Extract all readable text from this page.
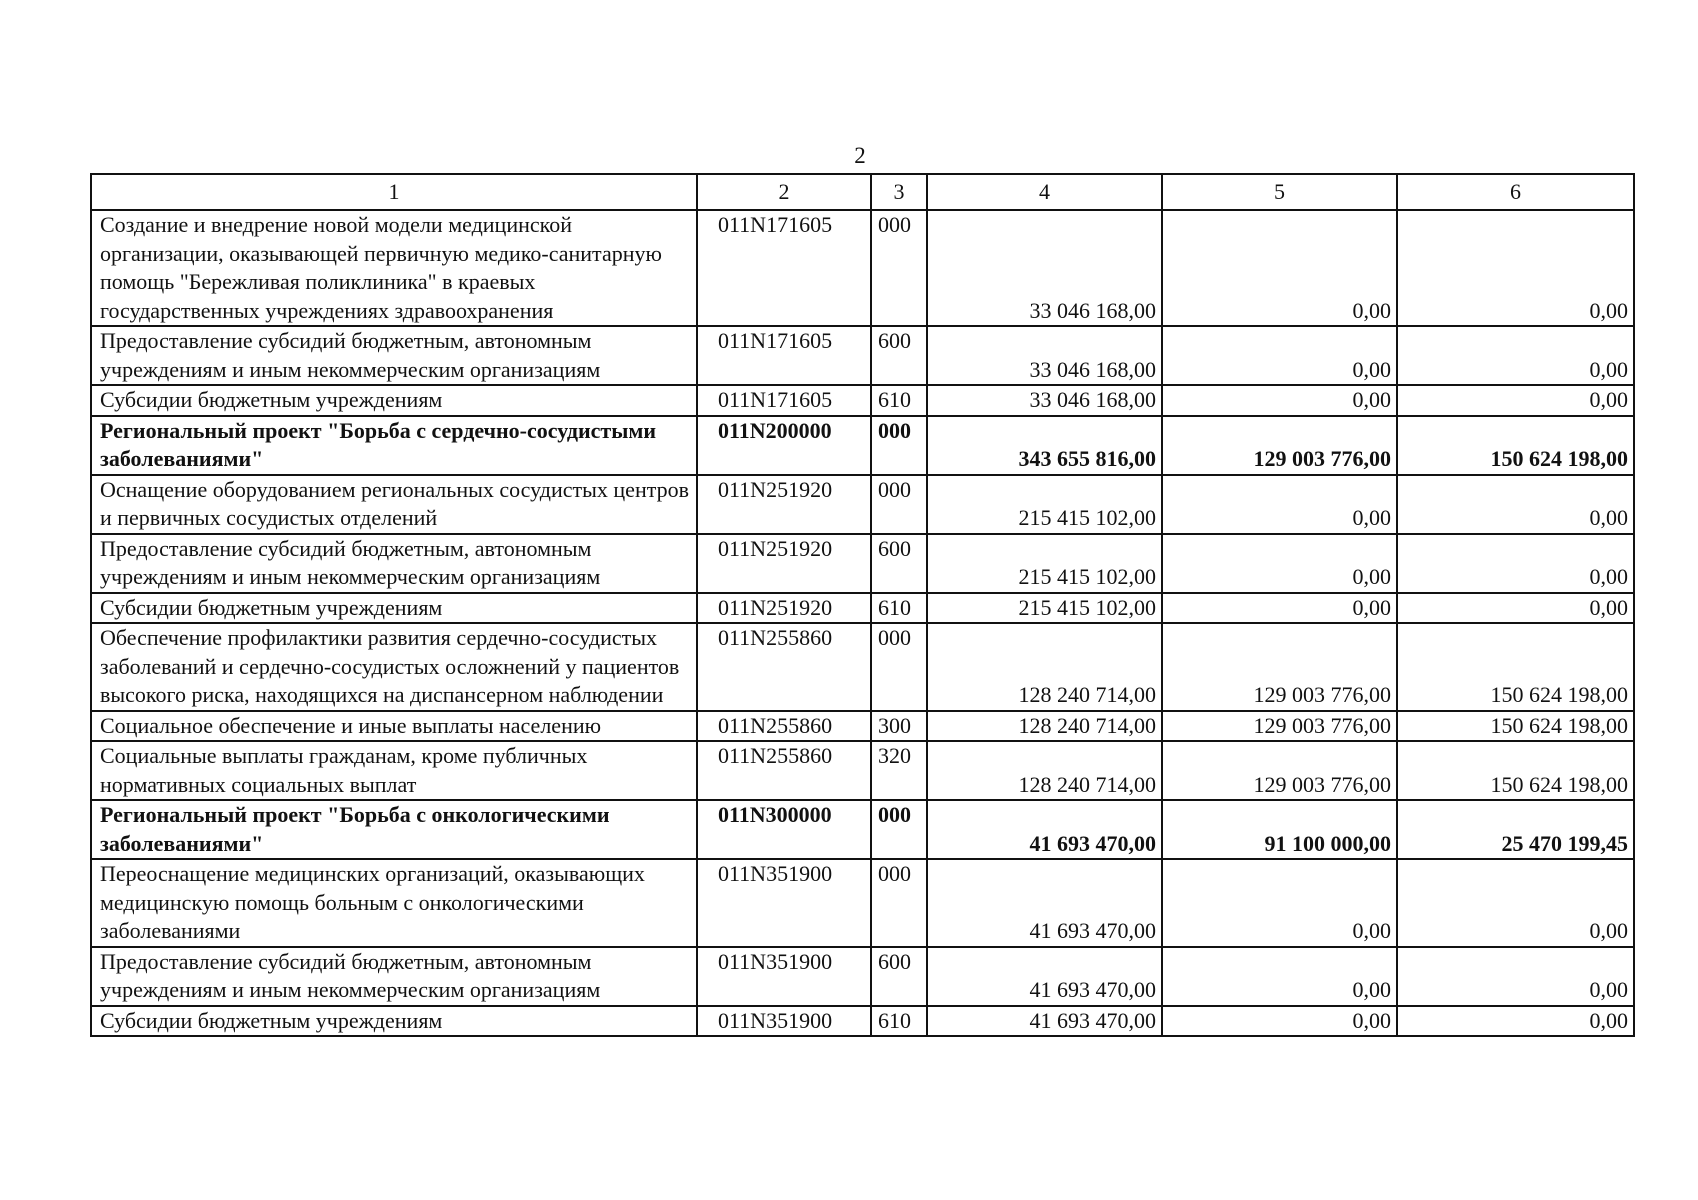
2
1	2	3	4	5	6
Создание и внедрение новой модели медицинской организации, оказывающей первичную медико-санитарную помощь "Бережливая поликлиника" в краевых государственных учреждениях здравоохранения	011N171605	000	33 046 168,00	0,00	0,00
Предоставление субсидий бюджетным, автономным учреждениям и иным некоммерческим организациям	011N171605	600	33 046 168,00	0,00	0,00
Субсидии бюджетным учреждениям	011N171605	610	33 046 168,00	0,00	0,00
Региональный проект "Борьба с сердечно-сосудистыми заболеваниями"	011N200000	000	343 655 816,00	129 003 776,00	150 624 198,00
Оснащение оборудованием региональных сосудистых центров и первичных сосудистых отделений	011N251920	000	215 415 102,00	0,00	0,00
Предоставление субсидий бюджетным, автономным учреждениям и иным некоммерческим организациям	011N251920	600	215 415 102,00	0,00	0,00
Субсидии бюджетным учреждениям	011N251920	610	215 415 102,00	0,00	0,00
Обеспечение профилактики развития сердечно-сосудистых заболеваний и сердечно-сосудистых осложнений у пациентов высокого риска, находящихся на диспансерном наблюдении	011N255860	000	128 240 714,00	129 003 776,00	150 624 198,00
Социальное обеспечение и иные выплаты населению	011N255860	300	128 240 714,00	129 003 776,00	150 624 198,00
Социальные выплаты гражданам, кроме публичных нормативных социальных выплат	011N255860	320	128 240 714,00	129 003 776,00	150 624 198,00
Региональный проект "Борьба с онкологическими заболеваниями"	011N300000	000	41 693 470,00	91 100 000,00	25 470 199,45
Переоснащение медицинских организаций, оказывающих медицинскую помощь больным с онкологическими заболеваниями	011N351900	000	41 693 470,00	0,00	0,00
Предоставление субсидий бюджетным, автономным учреждениям и иным некоммерческим организациям	011N351900	600	41 693 470,00	0,00	0,00
Субсидии бюджетным учреждениям	011N351900	610	41 693 470,00	0,00	0,00
